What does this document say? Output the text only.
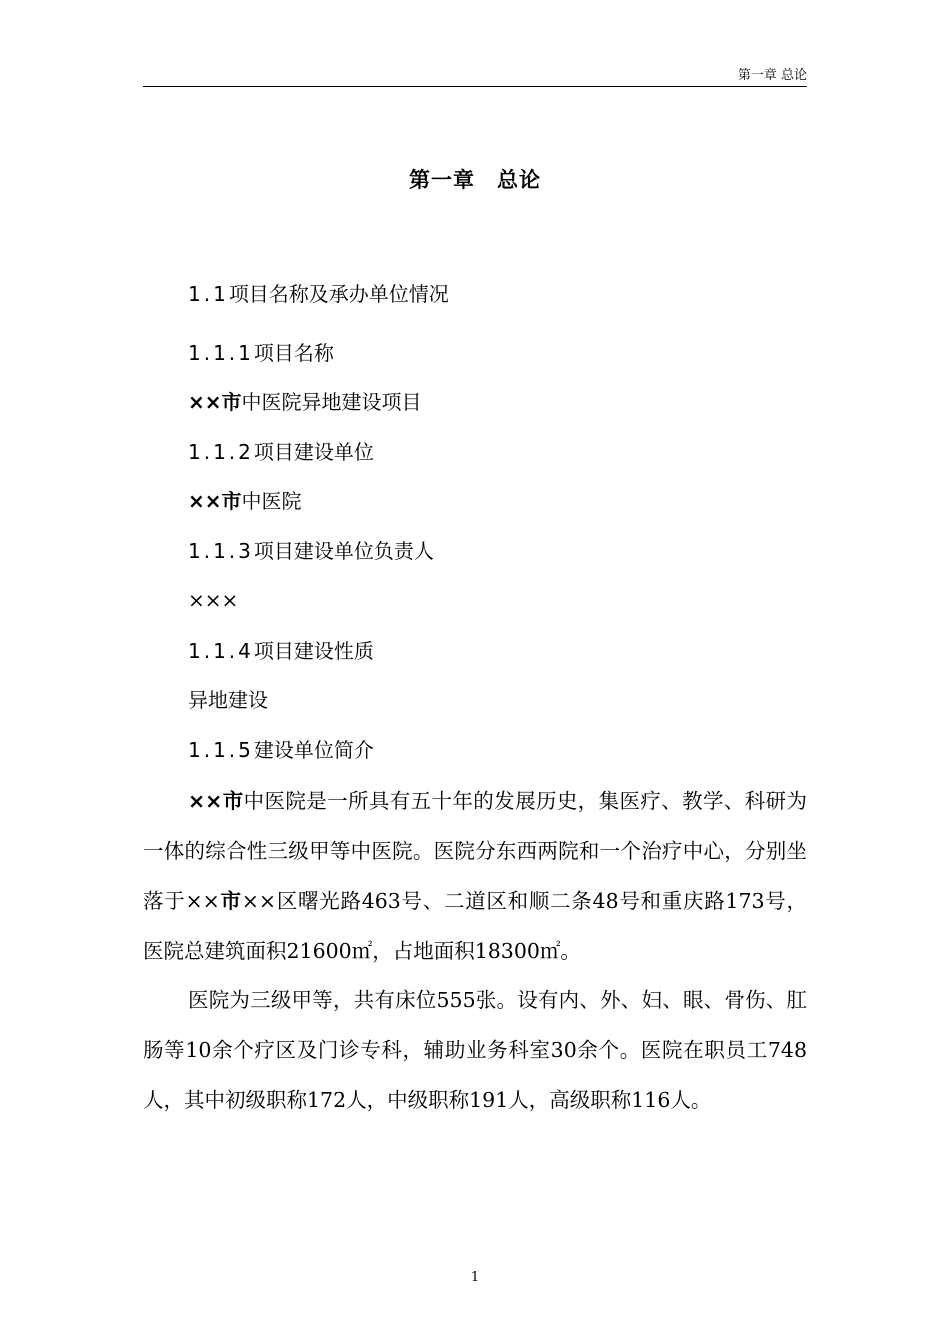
第一章 总论
第一章　总论
1.1项目名称及承办单位情况
1.1.1项目名称
××市中医院异地建设项目
1.1.2项目建设单位
××市中医院
1.1.3项目建设单位负责人
×××
1.1.4项目建设性质
异地建设
1.1.5建设单位简介
××市中医院是一所具有五十年的发展历史，集医疗、教学、科研为一体的综合性三级甲等中医院。医院分东西两院和一个治疗中心，分别坐落于××市××区曙光路463号、二道区和顺二条48号和重庆路173号，医院总建筑面积21600㎡，占地面积18300㎡。
医院为三级甲等，共有床位555张。设有内、外、妇、眼、骨伤、肛肠等10余个疗区及门诊专科，辅助业务科室30余个。医院在职员工748人，其中初级职称172人，中级职称191人，高级职称116人。
1
